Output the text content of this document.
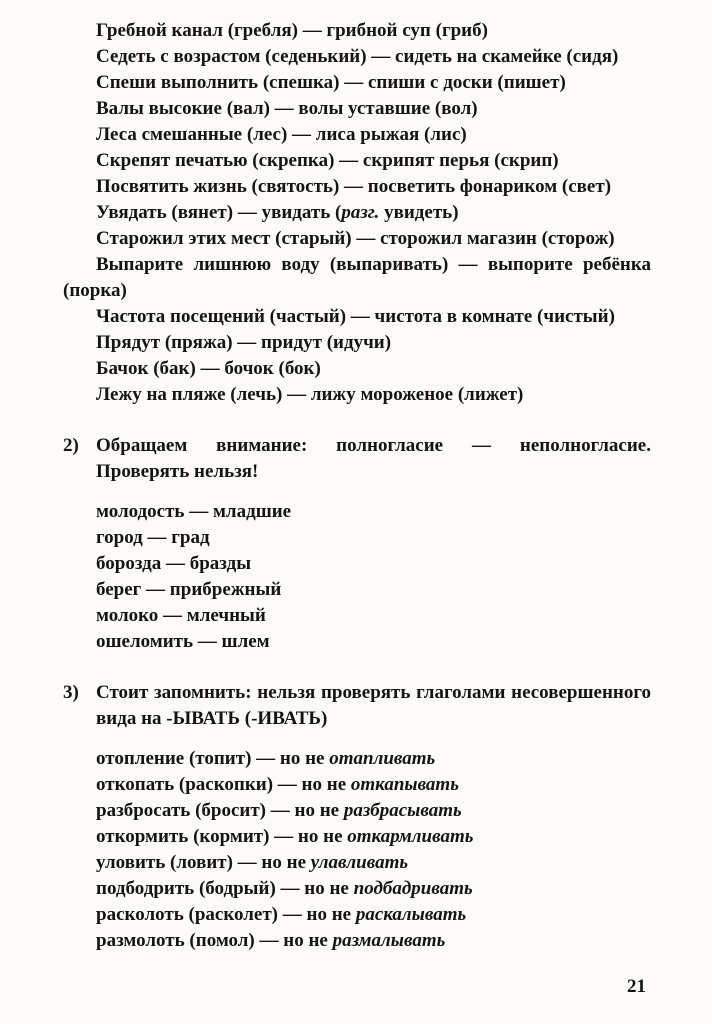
Гребной канал (гребля) — грибной суп (гриб)

Седеть с возрастом (седенький) — сидеть на скамейке (сидя)

Спеши выполнить (спешка) — спиши с доски (пишет)

Валы высокие (вал) — волы уставшие (вол)

Леса смешанные (лес) — лиса рыжая (лис)

Скрепят печатью (скрепка) — скрипят перья (скрип)

Посвятить жизнь (святость) — посветить фонариком (свет)

Увядать (вянет) — увидать (разг. увидеть)

Старожил этих мест (старый) — сторожил магазин (сторож)

Выпарите лишнюю воду (выпаривать) — выпорите ребёнка (порка)

Частота посещений (частый) — чистота в комнате (чистый)

Прядут (пряжа) — придут (идучи)

Бачок (бак) — бочок (бок)

Лежу на пляже (лечь) — лижу мороженое (лижет)

2) Обращаем внимание: полногласие — неполногласие. Проверять нельзя!

молодость — младшие

город — град

борозда — бразды

берег — прибрежный

молоко — млечный

ошеломить — шлем

3) Стоит запомнить: нельзя проверять глаголами несовершенного вида на -ЫВАТЬ (-ИВАТЬ)

отопление (топит) — но не отапливать

откопать (раскопки) — но не откапывать

разбросать (бросит) — но не разбрасывать

откормить (кормит) — но не откармливать

уловить (ловит) — но не улавливать

подбодрить (бодрый) — но не подбадривать

расколоть (расколет) — но не раскалывать

размолоть (помол) — но не размалывать

21
